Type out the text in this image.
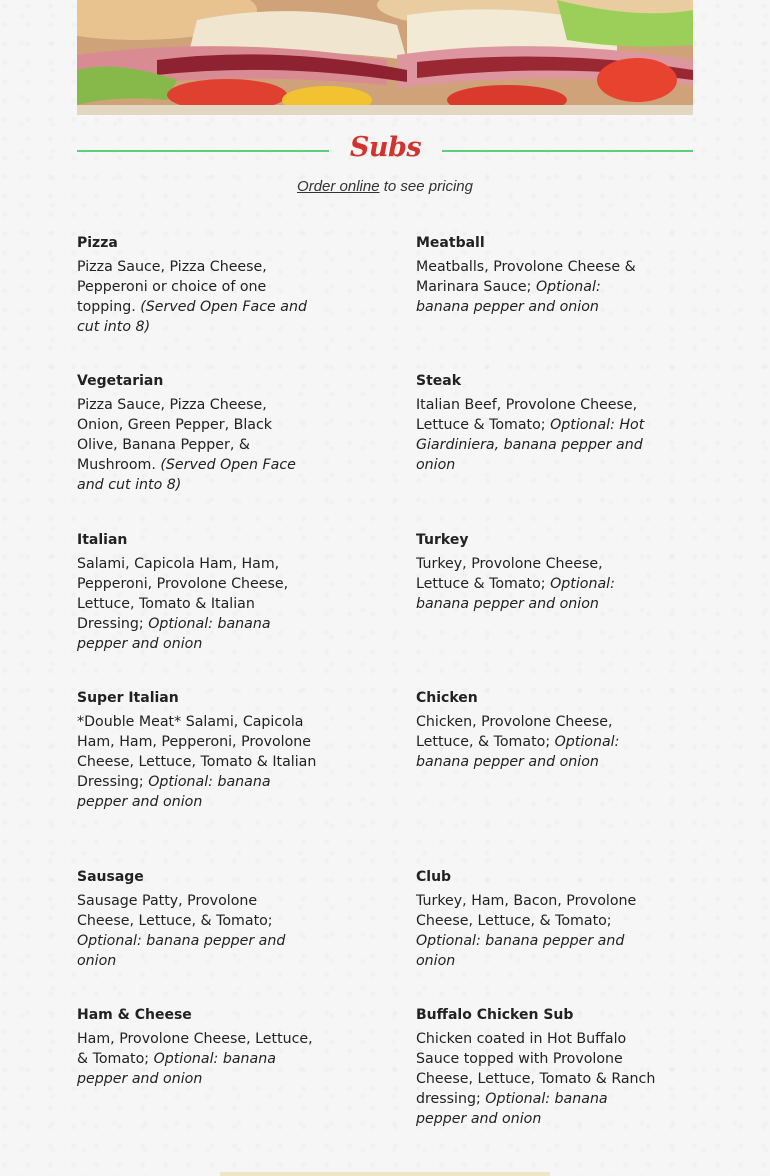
Subs

Order online to see pricing

Pizza

Pizza Sauce, Pizza Cheese, Pepperoni or choice of one topping. (Served Open Face and cut into 8)

Meatball

Meatballs, Provolone Cheese & Marinara Sauce; Optional: banana pepper and onion

Vegetarian

Pizza Sauce, Pizza Cheese, Onion, Green Pepper, Black Olive, Banana Pepper, & Mushroom. (Served Open Face and cut into 8)

Steak

Italian Beef, Provolone Cheese, Lettuce & Tomato; Optional: Hot Giardiniera, banana pepper and onion

Italian

Salami, Capicola Ham, Ham, Pepperoni, Provolone Cheese, Lettuce, Tomato & Italian Dressing; Optional: banana pepper and onion

Turkey

Turkey, Provolone Cheese, Lettuce & Tomato; Optional: banana pepper and onion

Super Italian

*Double Meat* Salami, Capicola Ham, Ham, Pepperoni, Provolone Cheese, Lettuce, Tomato & Italian Dressing; Optional: banana pepper and onion

Chicken

Chicken, Provolone Cheese, Lettuce, & Tomato; Optional: banana pepper and onion

Sausage

Sausage Patty, Provolone Cheese, Lettuce, & Tomato; Optional: banana pepper and onion

Club

Turkey, Ham, Bacon, Provolone Cheese, Lettuce, & Tomato; Optional: banana pepper and onion

Ham & Cheese

Ham, Provolone Cheese, Lettuce, & Tomato; Optional: banana pepper and onion

Buffalo Chicken Sub

Chicken coated in Hot Buffalo Sauce topped with Provolone Cheese, Lettuce, Tomato & Ranch dressing; Optional: banana pepper and onion
